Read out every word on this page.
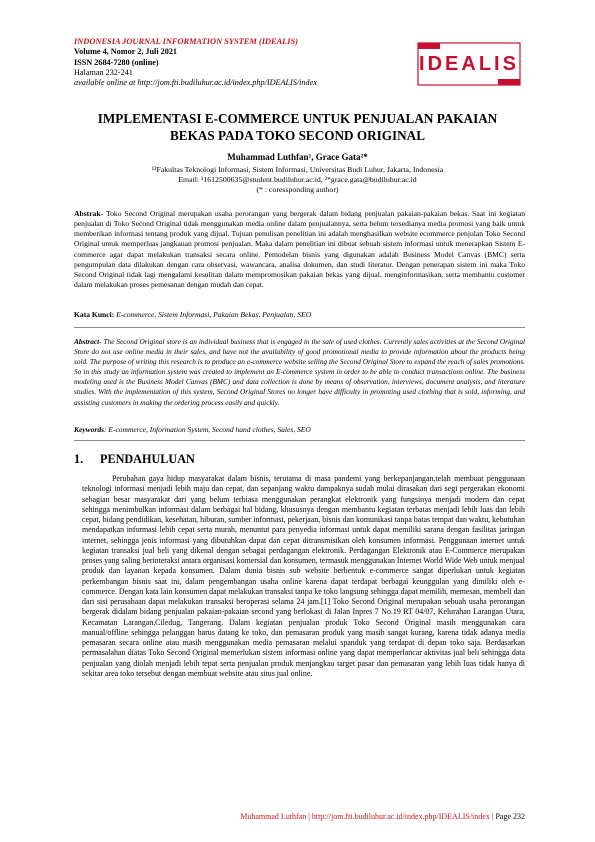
INDONESIA JOURNAL INFORMATION SYSTEM (IDEALIS)
Volume 4, Nomor 2, Juli 2021
ISSN 2684-7280 (online)
Halaman 232-241
available online at http://jom.fti.budiluhur.ac.id/index.php/IDEALIS/index
IDEALIS
IMPLEMENTASI E-COMMERCE UNTUK PENJUALAN PAKAIAN
BEKAS PADA TOKO SECOND ORIGINAL
Muhammad Luthfan¹, Grace Gata²*
¹²Fakultas Teknologi Informasi, Sistem Informasi, Universitas Budi Luhur, Jakarta, Indonesia
Email: ¹1612500635@student.budiluhur.ac.id, ²*grace.gata@budiluhur.ac.id
(* : coressponding author)
Abstrak- Toko Second Original merupakan usaha perorangan yang bergerak dalam bidang penjualan pakaian-pakaian bekas. Saat ini kegiatan penjualan di Toko Second Original tidak menggunakan media online dalam penjualannya, serta belum tersedianya media promosi yang baik untuk memberikan informasi tentang produk yang dijual. Tujuan penulisan penelitian ini adalah menghasilkan website ecommerce penjulan Toko Second Original untuk memperluas jangkauan promosi penjualan. Maka dalam penelitian ini dibuat sebuah sistem informasi untuk menerapkan Sistem E-commerce agar dapat melakukan transaksi secara online. Pemodelan bisnis yang digunakan adalah Business Model Canvas (BMC) serta pengumpulan data dilakukan dengan cara observasi, wawancara, analisa dokumen, dan studi literatur. Dengan penerapan sistem ini maka Toko Second Original tidak lagi mengalami kesulitan dalam mempromosikan pakaian bekas yang dijual, menginformasikan, serta membantu customer dalam melakukan proses pemesanan dengan mudah dan cepat.
Kata Kunci: E-commerce, Sistem Informasi, Pakaian Bekas, Penjualan, SEO
Abstract- The Second Original store is an individual business that is engaged in the sale of used clothes. Currently sales activities at the Second Original Store do not use online media in their sales, and have not the availability of good promotional media to provide information about the products being sold. The purpose of writing this research is to produce an e-commerce website selling the Second Original Store to expand the reach of sales promotions. So in this study an information system was created to implement an E-commerce system in order to be able to conduct transactions online. The business modeling used is the Business Model Canvas (BMC) and data collection is done by means of observation, interviews, document analysis, and literature studies. With the implementation of this system, Second Original Stores no longer have difficulty in promoting used clothing that is sold, informing, and assisting customers in making the ordering process easily and quickly.
Keywords: E-commerce, Information System, Second hand clothes, Sales, SEO
1. PENDAHULUAN
Perubahan gaya hidup masyarakat dalam bisnis, terutama di masa pandemi yang berkepanjangan,telah membuat penggunaan teknologi informasi menjadi lebih maju dan cepat, dan sepanjang waktu dampaknya sudah mulai dirasakan dari segi pergerakan ekonomi sebagian besar masyarakat dari yang belum terbiasa menggunakan perangkat elektronik yang fungsinya menjadi modern dan cepat sehingga menimbulkan informasi dalam berbagai hal bidang, khususnya dengan membantu kegiatan terbatas menjadi lebih luas dan lebih cepat, bidang pendidikan, kesehatan, hiburan, sumber informasi, pekerjaan, bisnis dan komunikasi tanpa batas tempat dan waktu, kebutuhan mendapatkan informasi lebih cepat serta murah, menuntut para penyedia informasi untuk dapat memiliki sarana dengan fasilitas jaringan internet, sehingga jenis informasi yang dibutuhkan dapat dan cepat ditransmisikan oleh konsumen informasi. Penggunaan internet untuk kegiatan transaksi jual beli yang dikenal dengan sebagai perdagangan elektronik. Perdagangan Elektronik atau E-Commerce merupakan proses yang saling berinteraksi antara organisasi komersial dan konsumen, termasuk menggunakan Internet World Wide Web untuk menjual produk dan layanan kepada konsumen. Dalam dunia bisnis sub website berbentuk e-commerce sangat diperlukan untuk kegiatan perkembangan bisnis saat ini, dalam pengembangan usaha online karena dapat terdapat berbagai keunggulan yang dimiliki oleh e-commerce. Dengan kata lain konsumen dapat melakukan transaksi tanpa ke toko langsung sehingga dapat memilih, memesan, membeli dan dari sisi perusahaan dapat melakukan transaksi beroperasi selama 24 jam.[1] Toko Second Original merupakan sebuah usaha perorangan bergerak didalam bidang penjualan pakaian-pakaian second yang berlokasi di Jalan Inpres 7 No.19 RT 04/07, Kelurahan Larangan Utara, Kecamatan Larangan,Ciledug, Tangerang. Dalam kegiatan penjualan produk Toko Second Original masih menggunakan cara manual/offline sehingga pelanggan harus datang ke toko, dan pemasaran produk yang masih sangat kurang, karena tidak adanya media pemasaran secara online atau masih menggunakan media pemasaran melalui spanduk yang terdapat di depan toko saja. Berdasarkan permasalahan diatas Toko Second Original memerlukan sistem informasi online yang dapat memperlancar aktivitas jual beli sehingga data penjualan yang diolah menjadi lebih tepat serta penjualan produk menjangkau target pasar dan pemasaran yang lebih luas tidak hanya di sekitar area toko tersebut dengan membuat website atau situs jual online.
Muhammad Luthfan | http://jom.fti.budiluhur.ac.id/index.php/IDEALIS/index | Page 232
